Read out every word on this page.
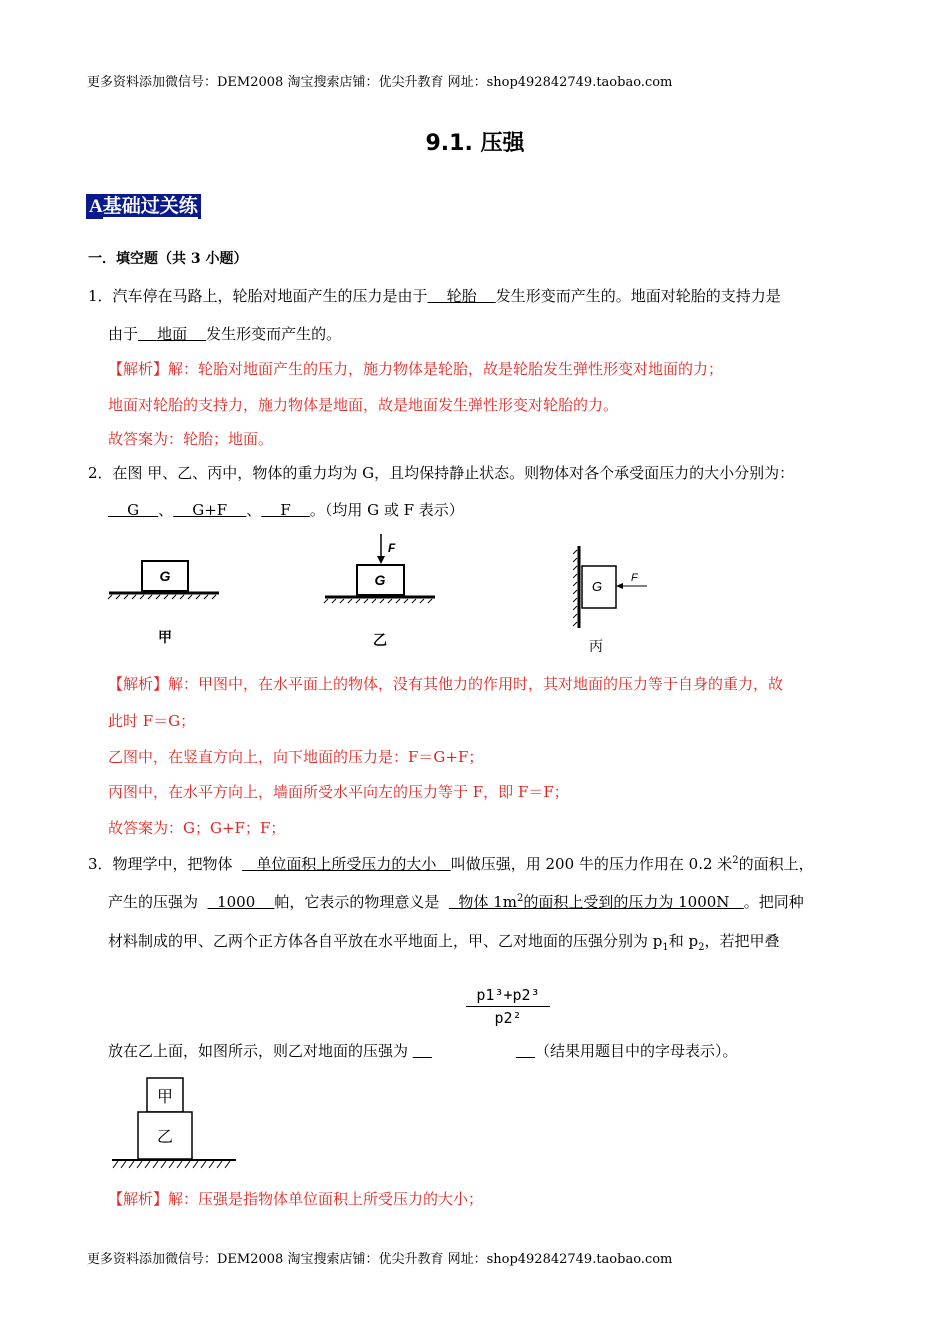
更多资料添加微信号：DEM2008 淘宝搜索店铺：优尖升教育 网址：shop492842749.taobao.com
9.1. 压强
A基础过关练
一．填空题（共 3 小题）
1．汽车停在马路上，轮胎对地面产生的压力是由于    轮胎    发生形变而产生的。地面对轮胎的支持力是
由于    地面    发生形变而产生的。
【解析】解：轮胎对地面产生的压力，施力物体是轮胎，故是轮胎发生弹性形变对地面的力；
地面对轮胎的支持力，施力物体是地面，故是地面发生弹性形变对轮胎的力。
故答案为：轮胎；地面。
2．在图 甲、乙、丙中，物体的重力均为 G，且均保持静止状态。则物体对各个承受面压力的大小分别为：
G    、    G+F    、    F    。（均用 G 或 F 表示）
G
甲
F
G
乙
G
F
丙
【解析】解：甲图中，在水平面上的物体，没有其他力的作用时，其对地面的压力等于自身的重力，故
此时 F＝G；
乙图中，在竖直方向上，向下地面的压力是：F＝G+F；
丙图中，在水平方向上，墙面所受水平向左的压力等于 F，即 F＝F；
故答案为：G；G+F；F；
3．物理学中，把物体     单位面积上所受压力的大小   叫做压强，用 200 牛的压力作用在 0.2 米$^2$的面积上，
产生的压强为    1000    帕，它表示的物理意义是    物体 $1m^2$的面积上受到的压力为 1000N   。把同种
材料制成的甲、乙两个正方体各自平放在水平地面上，甲、乙对地面的压强分别为 $p_1$和 $p_2$，若把甲叠
$\frac{\text{p1³+p2³}}{\text{p2²}}$
放在乙上面，如图所示，则乙对地面的压强为	（结果用题目中的字母表示）。
甲
乙
【解析】解：压强是指物体单位面积上所受压力的大小；
更多资料添加微信号：DEM2008 淘宝搜索店铺：优尖升教育 网址：shop492842749.taobao.com
